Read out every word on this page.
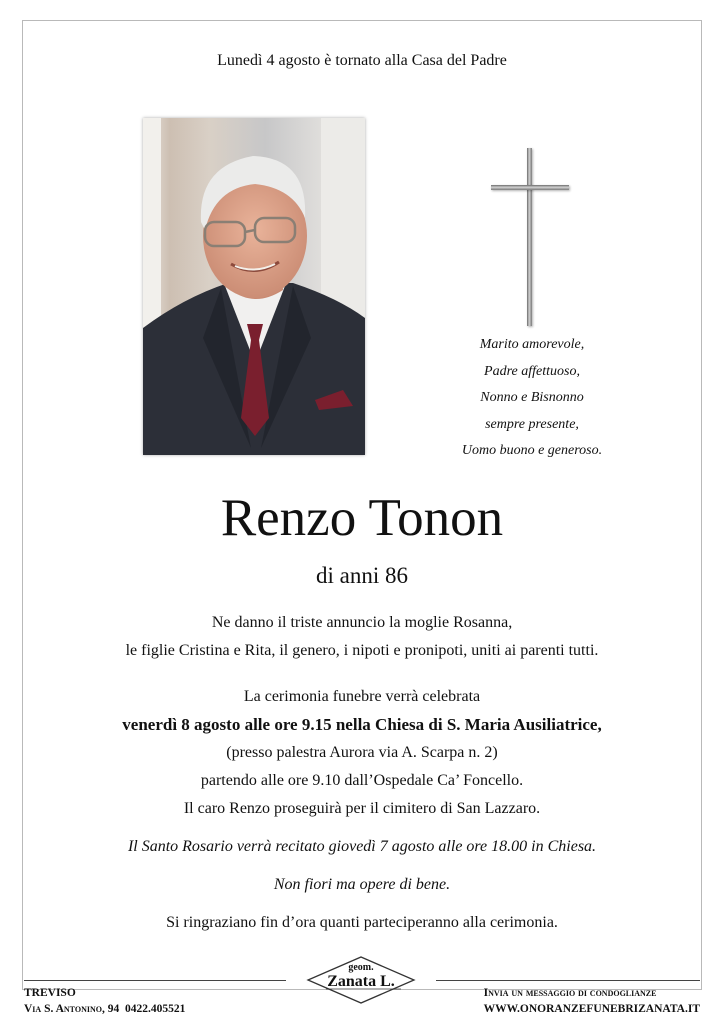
Lunedì 4 agosto è tornato alla Casa del Padre
Marito amorevole,
Padre affettuoso,
Nonno e Bisnonno
sempre presente,
Uomo buono e generoso.
Renzo Tonon
di anni 86
Ne danno il triste annuncio la moglie Rosanna,
le figlie Cristina e Rita, il genero, i nipoti e pronipoti, uniti ai parenti tutti.
La cerimonia funebre verrà celebrata
venerdì 8 agosto alle ore 9.15 nella Chiesa di S. Maria Ausiliatrice,
(presso palestra Aurora via A. Scarpa n. 2)
partendo alle ore 9.10 dall’Ospedale Ca’ Foncello.
Il caro Renzo proseguirà per il cimitero di San Lazzaro.
Il Santo Rosario verrà recitato giovedì 7 agosto alle ore 18.00 in Chiesa.
Non fiori ma opere di bene.
Si ringraziano fin d’ora quanti parteciperanno alla cerimonia.
TREVISO
Via S. Antonino, 94 0422.405521
geom.
Zanata L.
Invia un messaggio di condoglianze
WWW.ONORANZEFUNEBRIZANATA.IT
